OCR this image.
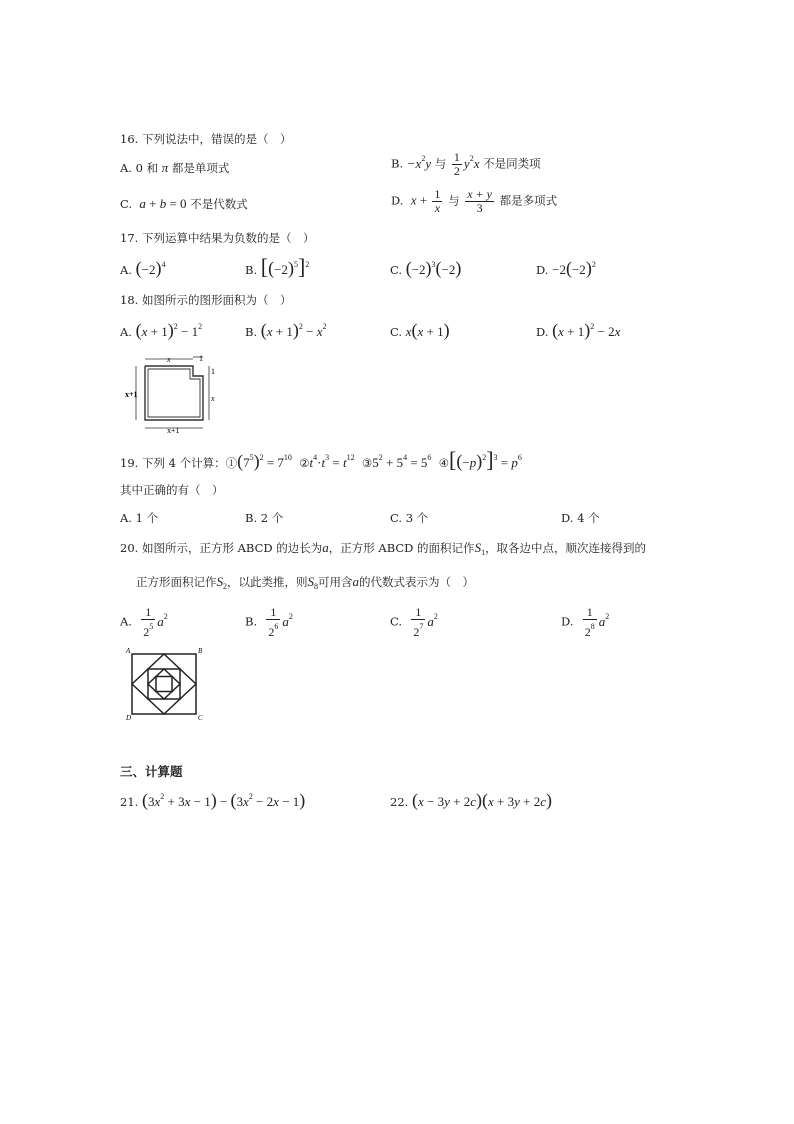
16. 下列说法中，错误的是（　）
A. 0 和 π 都是单项式	B. $-x^2y$ 与 $\frac{1}{2} y^2x$ 不是同类项
C. a + b = 0 不是代数式	D. $x + \frac{1}{x}$ 与 $\frac{x + y}{3}$ 都是多项式
17. 下列运算中结果为负数的是（　）
A. $(-2)^4$	B. $[(-2)^5]^2$	C. $(-2)^3(-2)$	D. $-2(-2)^2$
18. 如图所示的图形面积为（　）
A. $(x + 1)^2 - 1^2$	B. $(x + 1)^2 - x^2$	C. x(x + 1)	D. $(x + 1)^2 - 2x$
x	1
1
x
x+1
x+1
19. 下列 4 个计算：$①(7^5)^2 = 7^{10}$ $②t^4\cdot t^3 = t^{12}$ $③5^2 + 5^4 = 5^6$ $④[(-p)^2]^3 = p^6$
其中正确的有（　）
A. 1 个	B. 2 个	C. 3 个	D. 4 个
20. 如图所示，正方形 ABCD 的边长为a，正方形 ABCD 的面积记作$S_1$，取各边中点，顺次连接得到的
正方形面积记作$S_2$，以此类推，则$S_8$可用含a的代数式表示为（　）
A. $\frac{1}{2^5} a^2$	B. $\frac{1}{2^6} a^2$	C. $\frac{1}{2^7} a^2$	D. $\frac{1}{2^8} a^2$
A	B
D	C
三、计算题
21. $(3x^2 + 3x - 1) - (3x^2 - 2x - 1)$	22. (x − 3y + 2c)(x + 3y + 2c)
